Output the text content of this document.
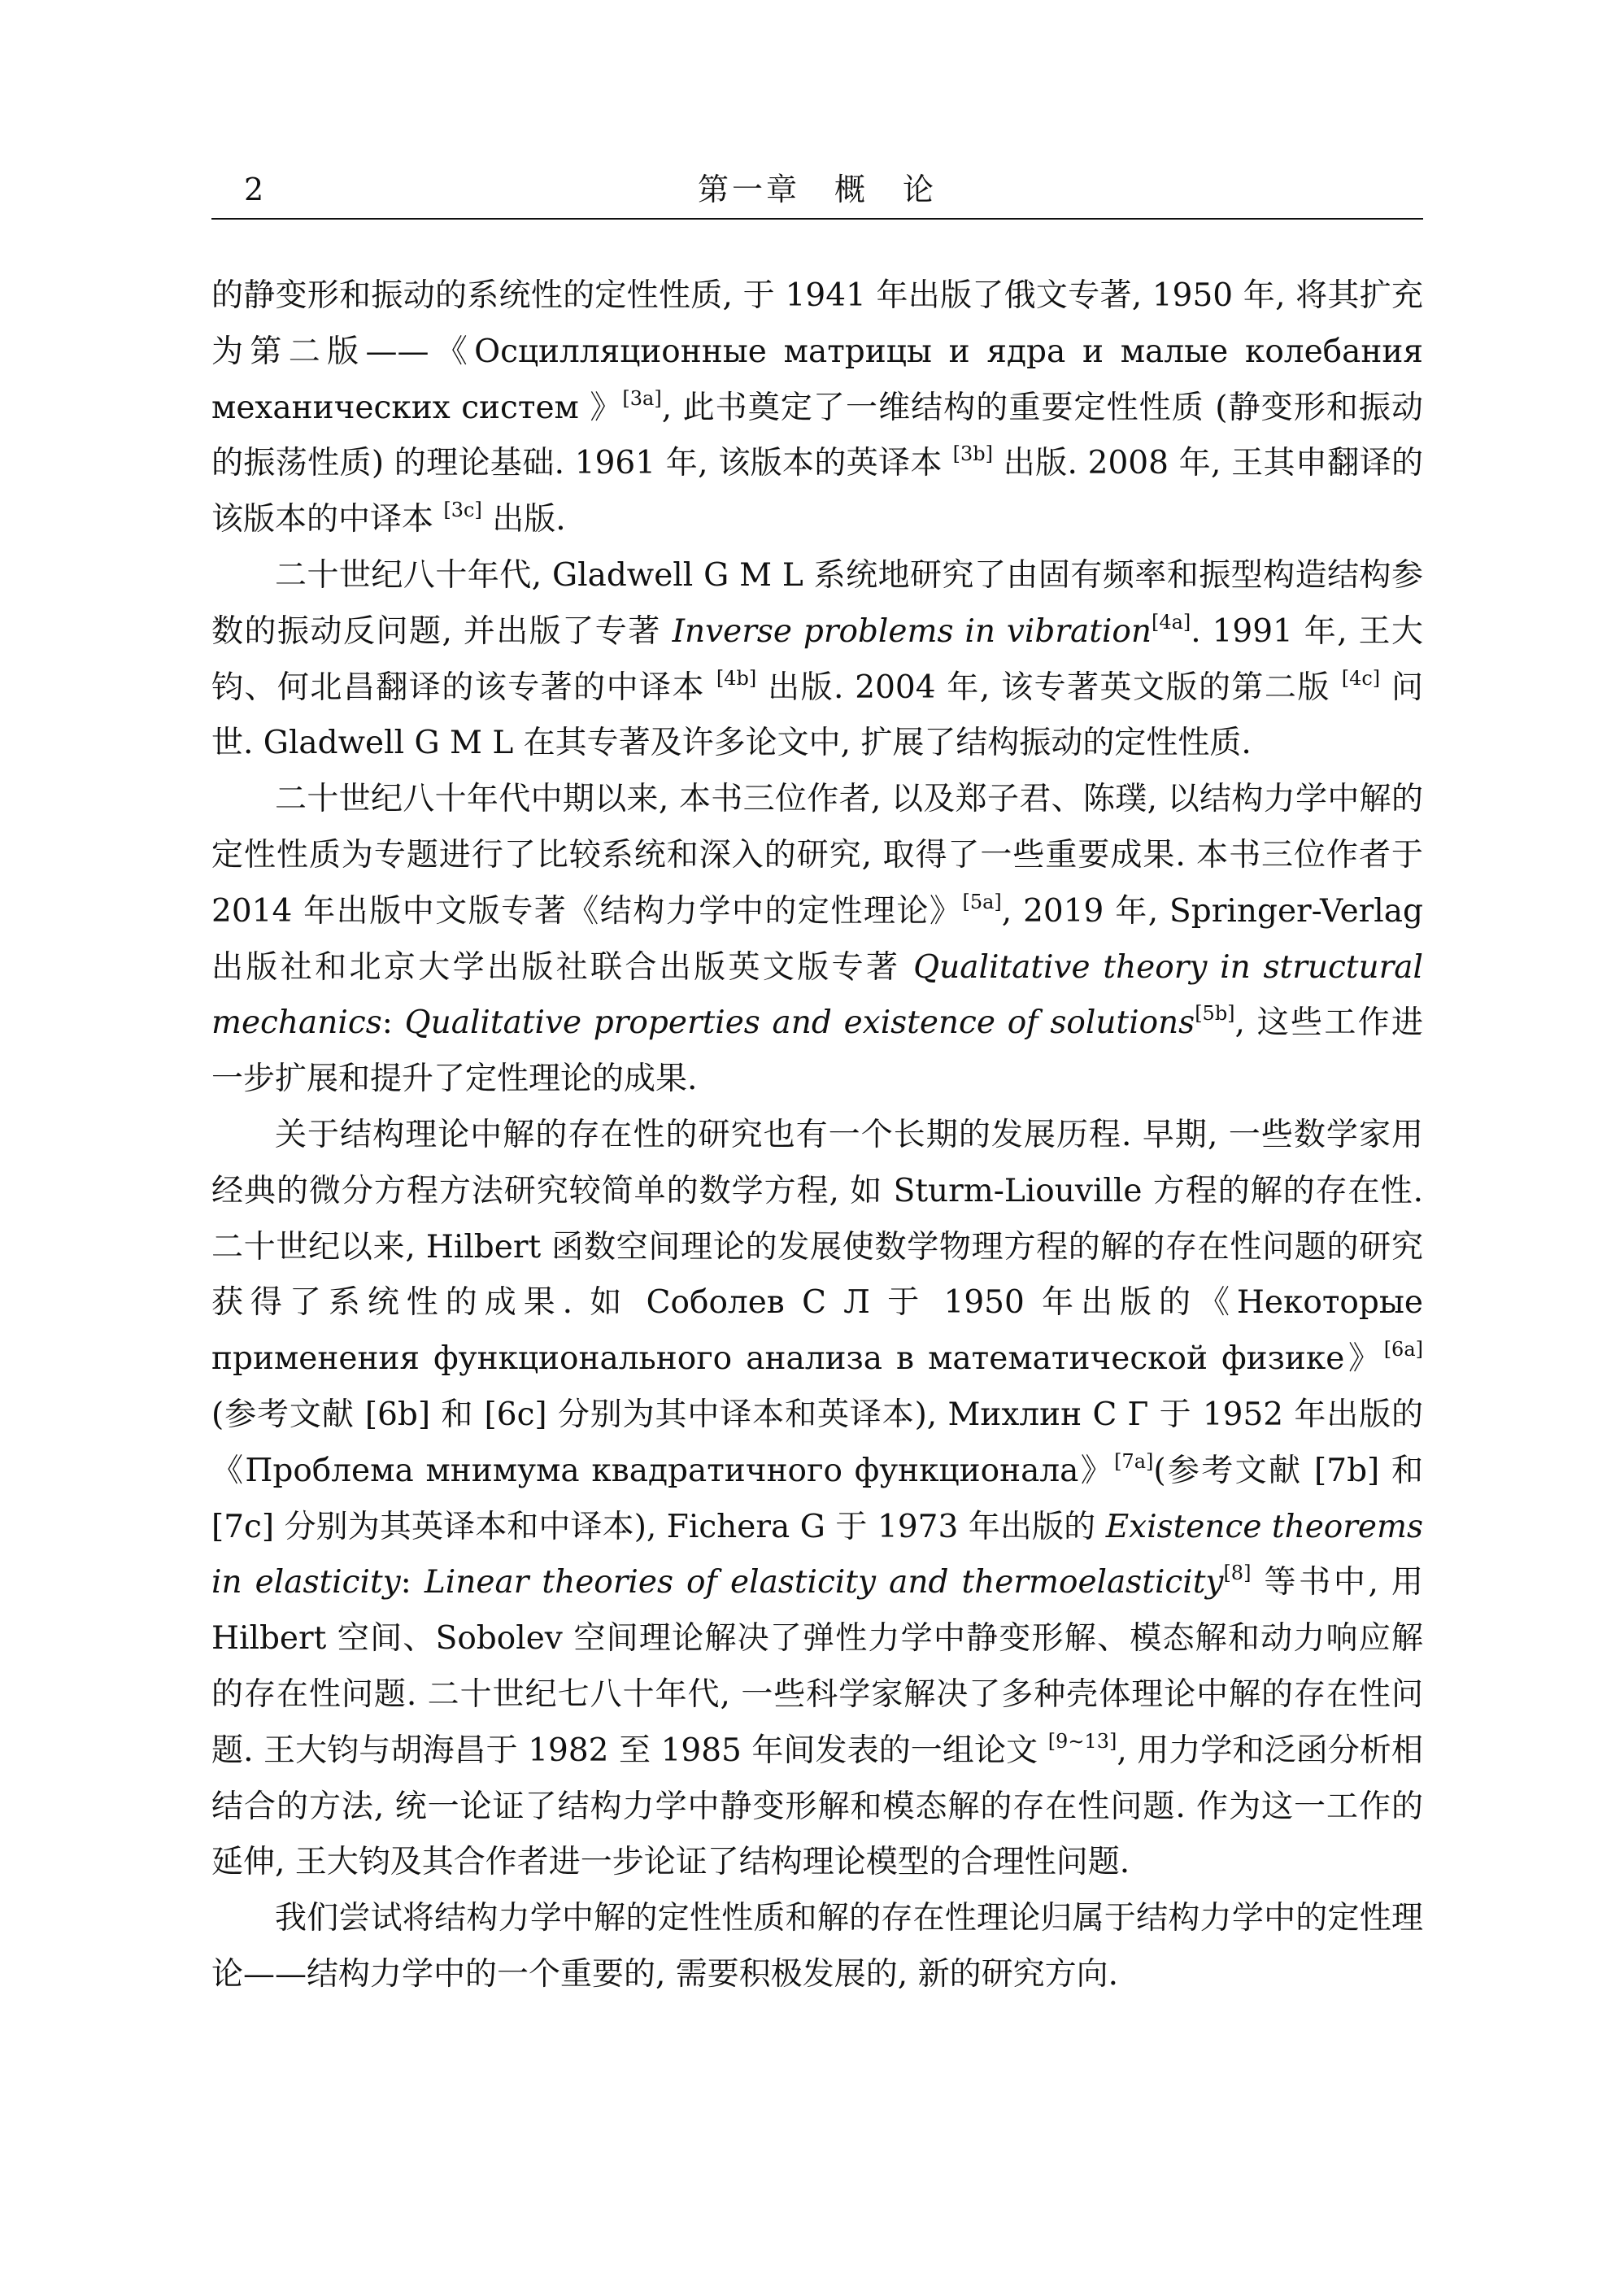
2	第一章　概　论

的静变形和振动的系统性的定性性质, 于 1941 年出版了俄文专著, 1950 年, 将其扩充为第二版——《Осцилляционные матрицы и ядра и малые колебания механических систем 》[3a], 此书奠定了一维结构的重要定性性质 (静变形和振动的振荡性质) 的理论基础. 1961 年, 该版本的英译本 [3b] 出版. 2008 年, 王其申翻译的该版本的中译本 [3c] 出版.

二十世纪八十年代, Gladwell G M L 系统地研究了由固有频率和振型构造结构参数的振动反问题, 并出版了专著 Inverse problems in vibration[4a]. 1991 年, 王大钧、何北昌翻译的该专著的中译本 [4b] 出版. 2004 年, 该专著英文版的第二版 [4c] 问世. Gladwell G M L 在其专著及许多论文中, 扩展了结构振动的定性性质.

二十世纪八十年代中期以来, 本书三位作者, 以及郑子君、陈璞, 以结构力学中解的定性性质为专题进行了比较系统和深入的研究, 取得了一些重要成果. 本书三位作者于 2014 年出版中文版专著《结构力学中的定性理论》[5a], 2019 年, Springer-Verlag 出版社和北京大学出版社联合出版英文版专著 Qualitative theory in structural mechanics: Qualitative properties and existence of solutions[5b], 这些工作进一步扩展和提升了定性理论的成果.

关于结构理论中解的存在性的研究也有一个长期的发展历程. 早期, 一些数学家用经典的微分方程方法研究较简单的数学方程, 如 Sturm-Liouville 方程的解的存在性. 二十世纪以来, Hilbert 函数空间理论的发展使数学物理方程的解的存在性问题的研究获得了系统性的成果. 如 Соболев С Л 于 1950 年出版的《Некоторые применения функционального анализа в математической физике》[6a](参考文献 [6b] 和 [6c] 分别为其中译本和英译本), Михлин С Г 于 1952 年出版的《Проблема мнимума квадратичного функционала》[7a](参考文献 [7b] 和 [7c] 分别为其英译本和中译本), Fichera G 于 1973 年出版的 Existence theorems in elasticity: Linear theories of elasticity and thermoelasticity[8] 等书中, 用 Hilbert 空间、Sobolev 空间理论解决了弹性力学中静变形解、模态解和动力响应解的存在性问题. 二十世纪七八十年代, 一些科学家解决了多种壳体理论中解的存在性问题. 王大钧与胡海昌于 1982 至 1985 年间发表的一组论文 [9∼13], 用力学和泛函分析相结合的方法, 统一论证了结构力学中静变形解和模态解的存在性问题. 作为这一工作的延伸, 王大钧及其合作者进一步论证了结构理论模型的合理性问题.

我们尝试将结构力学中解的定性性质和解的存在性理论归属于结构力学中的定性理论——结构力学中的一个重要的, 需要积极发展的, 新的研究方向.
